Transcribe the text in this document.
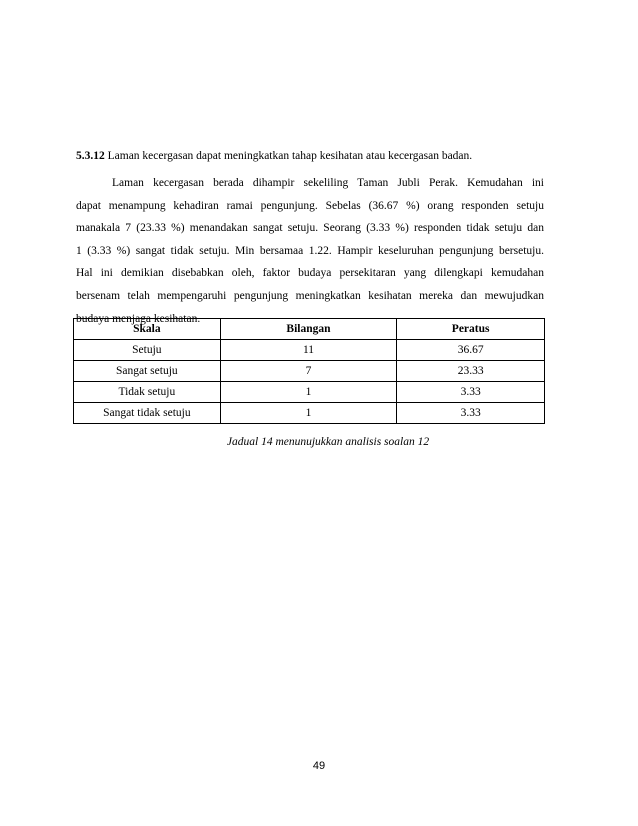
5.3.12 Laman kecergasan dapat meningkatkan tahap kesihatan atau kecergasan badan.
Laman kecergasan berada dihampir sekeliling Taman Jubli Perak. Kemudahan ini
dapat menampung kehadiran ramai pengunjung. Sebelas (36.67 %) orang responden setuju
manakala 7 (23.33 %) menandakan sangat setuju. Seorang (3.33 %) responden tidak setuju dan
1 (3.33 %) sangat tidak setuju. Min bersamaa 1.22. Hampir keseluruhan pengunjung bersetuju.
Hal ini demikian disebabkan oleh, faktor budaya persekitaran yang dilengkapi kemudahan
bersenam telah mempengaruhi pengunjung meningkatkan kesihatan mereka dan mewujudkan
budaya menjaga kesihatan.
Skala	Bilangan	Peratus
Setuju	11	36.67
Sangat setuju	7	23.33
Tidak setuju	1	3.33
Sangat tidak setuju	1	3.33
Jadual 14 menunujukkan analisis soalan 12
49
